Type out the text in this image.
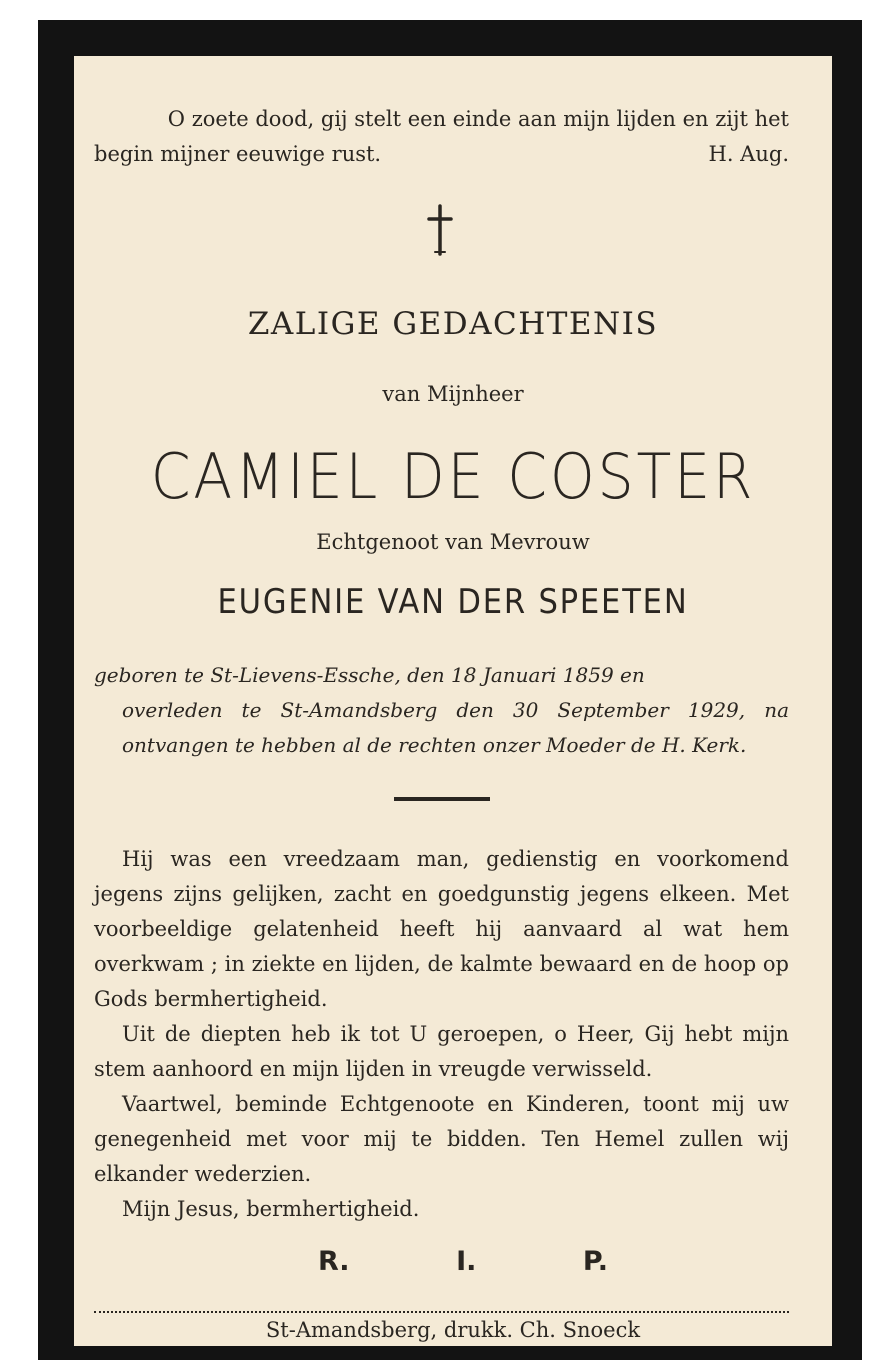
O zoete dood, gij stelt een einde aan mijn lijden en zijt het
begin mijner eeuwige rust.	H. Aug.
ZALIGE GEDACHTENIS
van Mijnheer
CAMIEL DE COSTER
Echtgenoot van Mevrouw
EUGENIE VAN DER SPEETEN
geboren te St-Lievens-Essche, den 18 Januari 1859 en
overleden te St-Amandsberg den 30 September 1929, na ontvangen te hebben al de rechten onzer Moeder de H. Kerk.

Hij was een vreedzaam man, gedienstig en voorkomend jegens zijns gelijken, zacht en goedgunstig jegens elkeen. Met voorbeeldige gelatenheid heeft hij aanvaard al wat hem overkwam ; in ziekte en lijden, de kalmte bewaard en de hoop op Gods bermhertigheid.

Uit de diepten heb ik tot U geroepen, o Heer, Gij hebt mijn stem aanhoord en mijn lijden in vreugde verwisseld.

Vaartwel, beminde Echtgenoote en Kinderen, toont mij uw genegenheid met voor mij te bidden. Ten Hemel zullen wij elkander wederzien.

Mijn Jesus, bermhertigheid.

R.	I.	P.
St-Amandsberg, drukk. Ch. Snoeck
